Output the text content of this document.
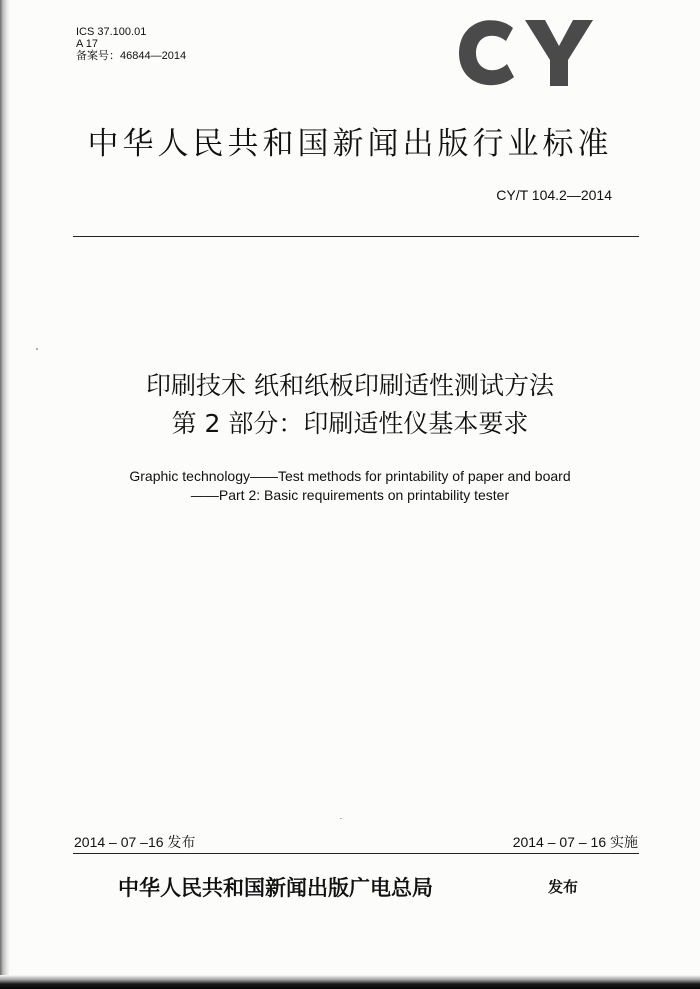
ICS 37.100.01
A 17
备案号：46844—2014
CY
中华人民共和国新闻出版行业标准
CY/T 104.2—2014
印刷技术 纸和纸板印刷适性测试方法
第 2 部分：印刷适性仪基本要求
Graphic technology——Test methods for printability of paper and board
——Part 2: Basic requirements on printability tester
2014 – 07 –16 发布	2014 – 07 – 16 实施
中华人民共和国新闻出版广电总局	发布
